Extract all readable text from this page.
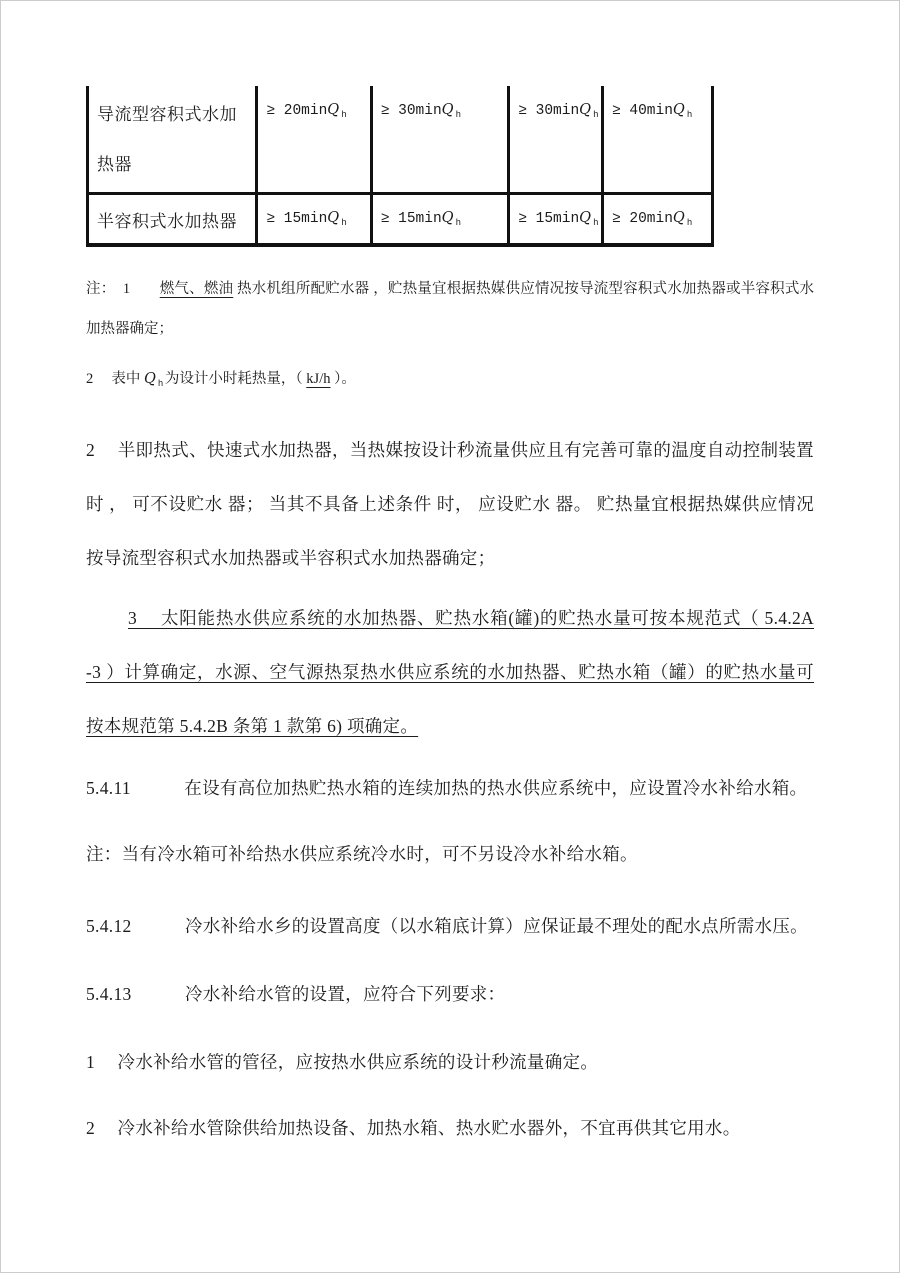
导流型容积式水加热器	≥ 20minQ $_h$	≥ 30minQ $_h$	≥ 30minQ $_h$	≥ 40minQ $_h$
半容积式水加热器	≥ 15minQ $_h$	≥ 15minQ $_h$	≥ 15minQ $_h$	≥ 20minQ $_h$

注：　1　　燃气、燃油 热水机组所配贮水器 ，贮热量宜根据热媒供应情况按导流型容积式水加热器或半容积式水加热器确定；

2　 表中 Q $_h$ 为设计小时耗热量，（ kJ/h ）。

2　 半即热式、快速式水加热器，当热媒按设计秒流量供应且有完善可靠的温度自动控制装置时 ， 可不设贮水 器； 当其不具备上述条件 时， 应设贮水 器。 贮热量宜根据热媒供应情况按导流型容积式水加热器或半容积式水加热器确定；

3　 太阳能热水供应系统的水加热器、贮热水箱(罐)的贮热水量可按本规范式（ 5.4.2A -3 ）计算确定，水源、空气源热泵热水供应系统的水加热器、贮热水箱（罐）的贮热水量可按本规范第 5.4.2B 条第 1 款第 6) 项确定。

5.4.11　　　在设有高位加热贮热水箱的连续加热的热水供应系统中，应设置冷水补给水箱。

注：当有冷水箱可补给热水供应系统冷水时，可不另设冷水补给水箱。

5.4.12　　　冷水补给水乡的设置高度（以水箱底计算）应保证最不理处的配水点所需水压。

5.4.13　　　冷水补给水管的设置，应符合下列要求：

1　 冷水补给水管的管径，应按热水供应系统的设计秒流量确定。

2　 冷水补给水管除供给加热设备、加热水箱、热水贮水器外，不宜再供其它用水。
